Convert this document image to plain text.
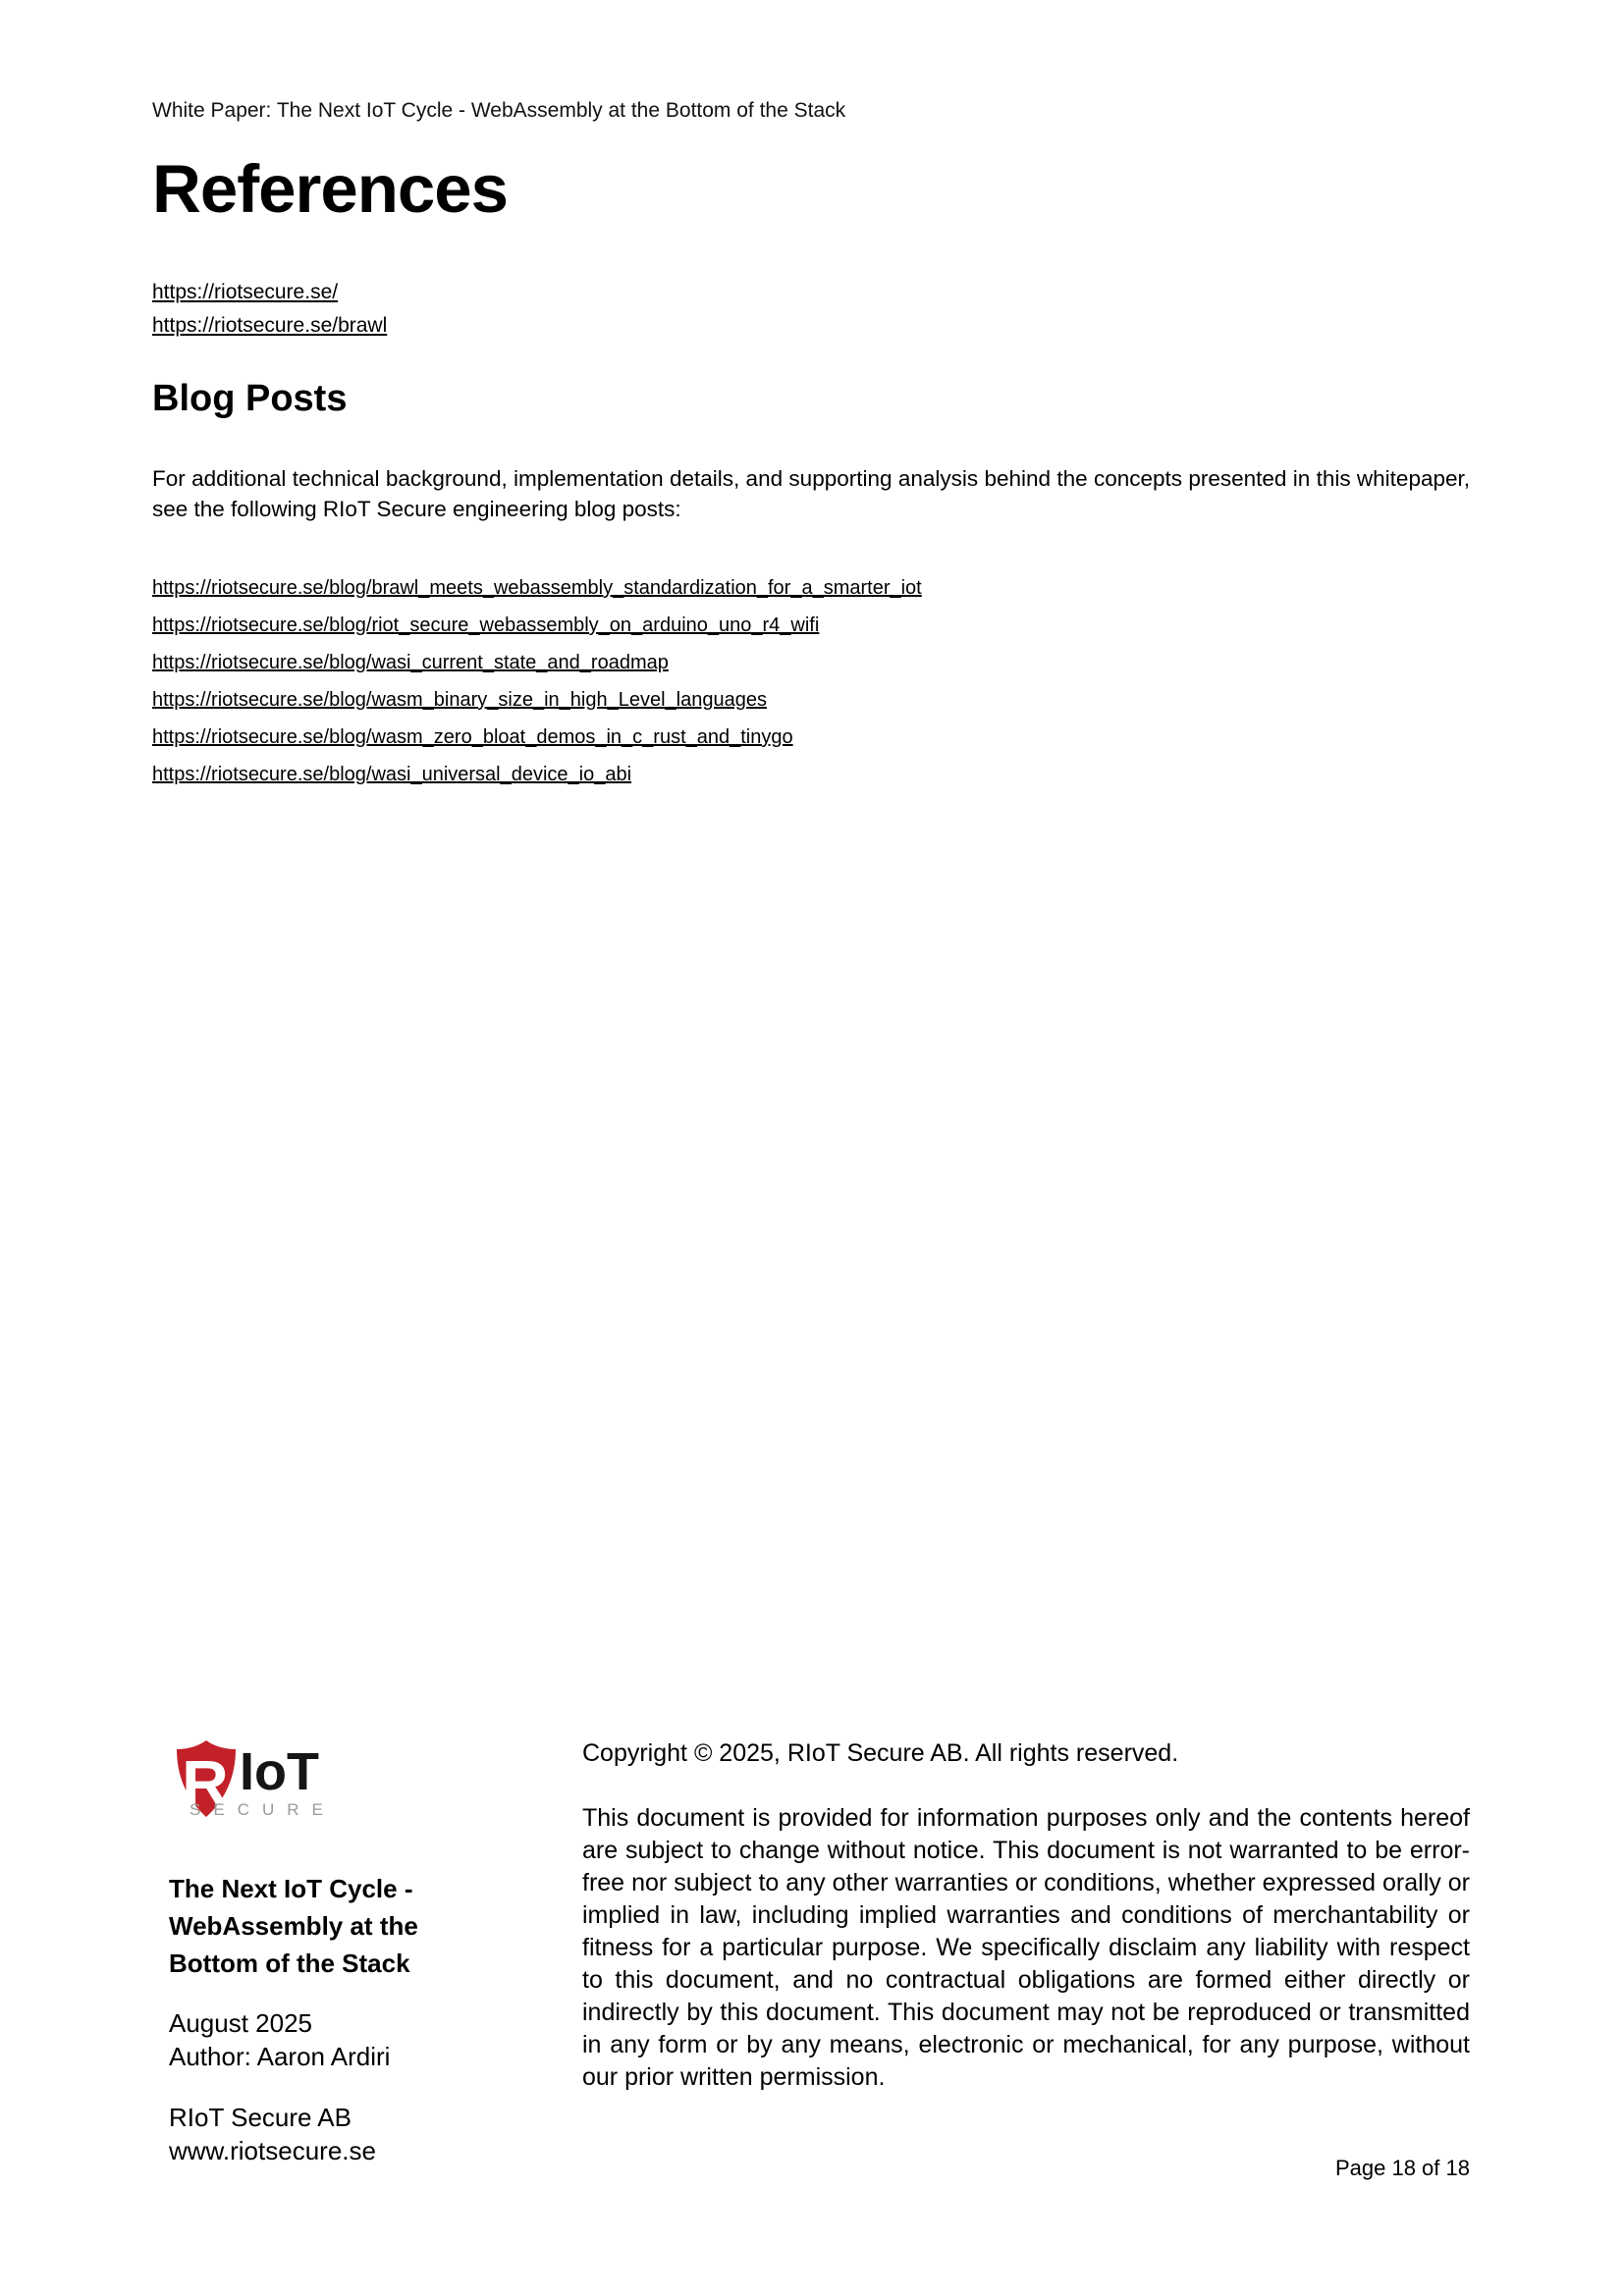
White Paper: The Next IoT Cycle - WebAssembly at the Bottom of the Stack
References
https://riotsecure.se/
https://riotsecure.se/brawl
Blog Posts
For additional technical background, implementation details, and supporting analysis behind the concepts presented in this whitepaper, see the following RIoT Secure engineering blog posts:
https://riotsecure.se/blog/brawl_meets_webassembly_standardization_for_a_smarter_iot
https://riotsecure.se/blog/riot_secure_webassembly_on_arduino_uno_r4_wifi
https://riotsecure.se/blog/wasi_current_state_and_roadmap
https://riotsecure.se/blog/wasm_binary_size_in_high_Level_languages
https://riotsecure.se/blog/wasm_zero_bloat_demos_in_c_rust_and_tinygo
https://riotsecure.se/blog/wasi_universal_device_io_abi
R IoT
SECURE
The Next IoT Cycle - WebAssembly at the Bottom of the Stack
August 2025
Author: Aaron Ardiri
RIoT Secure AB
www.riotsecure.se
Copyright © 2025, RIoT Secure AB. All rights reserved.
This document is provided for information purposes only and the contents hereof are subject to change without notice. This document is not warranted to be error-free nor subject to any other warranties or conditions, whether expressed orally or implied in law, including implied warranties and conditions of merchantability or fitness for a particular purpose. We specifically disclaim any liability with respect to this document, and no contractual obligations are formed either directly or indirectly by this document. This document may not be reproduced or transmitted in any form or by any means, electronic or mechanical, for any purpose, without our prior written permission.
Page 18 of 18
